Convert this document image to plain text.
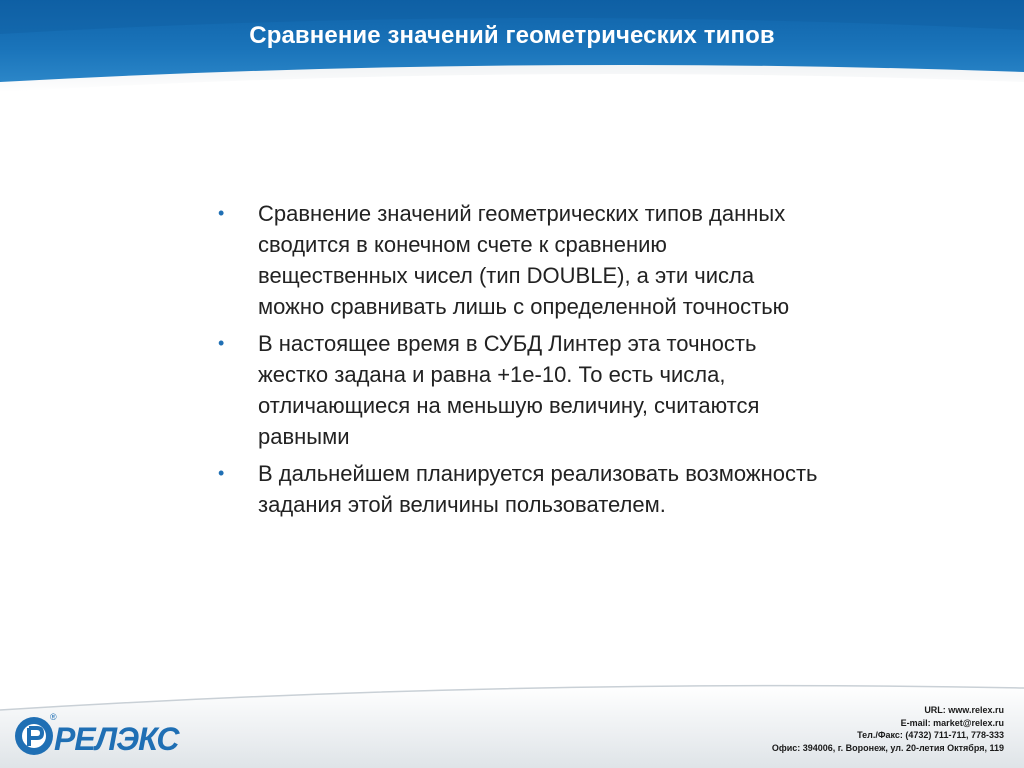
Сравнение значений геометрических типов
• Сравнение значений геометрических типов данных сводится в конечном счете к сравнению вещественных чисел (тип DOUBLE), а эти числа можно сравнивать лишь с определенной точностью
• В настоящее время в СУБД Линтер эта точность жестко задана и равна +1е-10. То есть числа, отличающиеся на меньшую величину, считаются равными
• В дальнейшем планируется реализовать возможность задания этой величины пользователем.
РЕЛЭКС
®
URL: www.relex.ru
E-mail: market@relex.ru
Тел./Факс: (4732) 711-711, 778-333
Офис: 394006, г. Воронеж, ул. 20-летия Октября, 119
